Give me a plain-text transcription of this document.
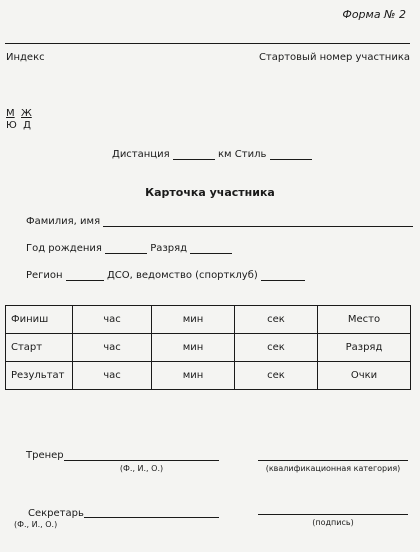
Форма № 2
Индекс	Стартовый номер участника
М Ж
Ю Д
Дистанция	км Стиль
Карточка участника
Фамилия, имя
Год рождения	Разряд
Регион	ДСО, ведомство (спортклуб)
Финиш	час	мин	сек	Место
Старт	час	мин	сек	Разряд
Результат	час	мин	сек	Очки
Тренер
(Ф., И., О.)	(квалификационная категория)
Секретарь
(Ф., И., О.)	(подпись)
